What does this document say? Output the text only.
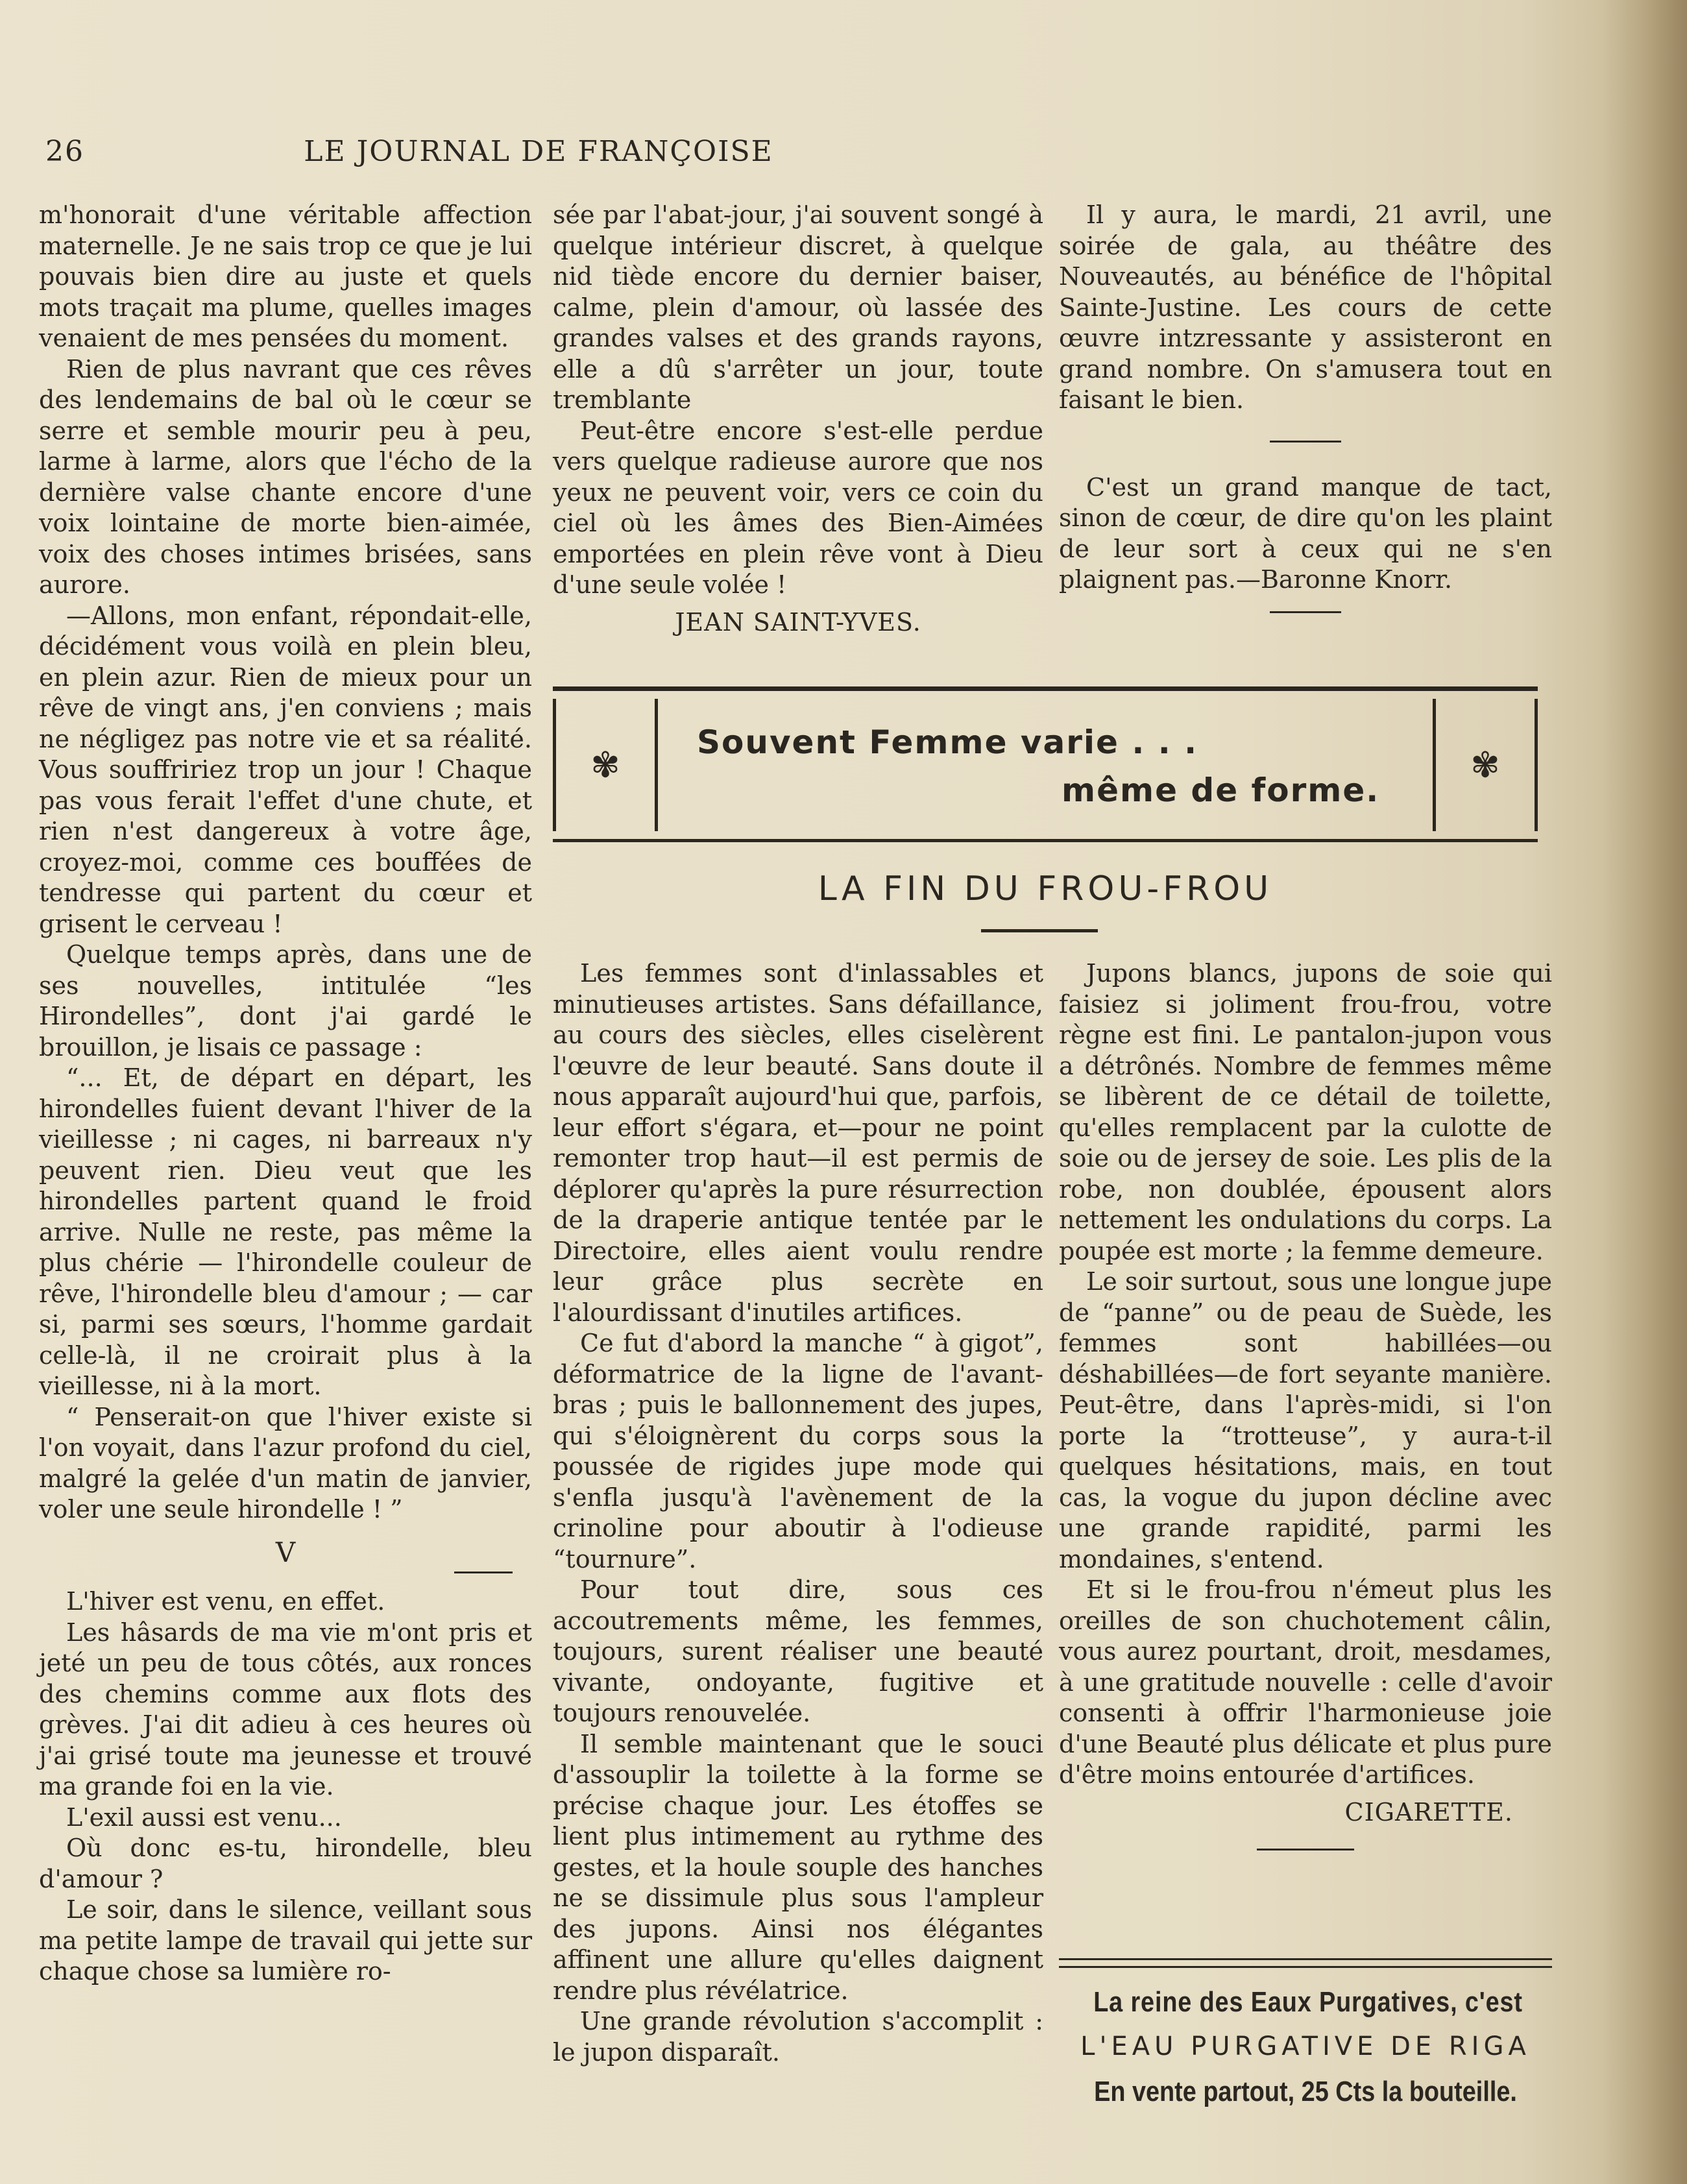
26	LE JOURNAL DE FRANÇOISE

m'honorait d'une véritable affection maternelle. Je ne sais trop ce que je lui pouvais bien dire au juste et quels mots traçait ma plume, quelles images venaient de mes pensées du moment.

Rien de plus navrant que ces rêves des lendemains de bal où le cœur se serre et semble mourir peu à peu, larme à larme, alors que l'écho de la dernière valse chante encore d'une voix lointaine de morte bien-aimée, voix des choses intimes brisées, sans aurore.

—Allons, mon enfant, répondait-elle, décidément vous voilà en plein bleu, en plein azur. Rien de mieux pour un rêve de vingt ans, j'en conviens ; mais ne négligez pas notre vie et sa réalité. Vous souffririez trop un jour ! Chaque pas vous ferait l'effet d'une chute, et rien n'est dangereux à votre âge, croyez-moi, comme ces bouffées de tendresse qui partent du cœur et grisent le cerveau !

Quelque temps après, dans une de ses nouvelles, intitulée “les Hirondelles”, dont j'ai gardé le brouillon, je lisais ce passage :

“... Et, de départ en départ, les hirondelles fuient devant l'hiver de la vieillesse ; ni cages, ni barreaux n'y peuvent rien. Dieu veut que les hirondelles partent quand le froid arrive. Nulle ne reste, pas même la plus chérie — l'hirondelle couleur de rêve, l'hirondelle bleu d'amour ; — car si, parmi ses sœurs, l'homme gardait celle-là, il ne croirait plus à la vieillesse, ni à la mort.

“ Penserait-on que l'hiver existe si l'on voyait, dans l'azur profond du ciel, malgré la gelée d'un matin de janvier, voler une seule hirondelle ! ”

V

L'hiver est venu, en effet.

Les hâsards de ma vie m'ont pris et jeté un peu de tous côtés, aux ronces des chemins comme aux flots des grèves. J'ai dit adieu à ces heures où j'ai grisé toute ma jeunesse et trouvé ma grande foi en la vie.

L'exil aussi est venu...

Où donc es-tu, hirondelle, bleu d'amour ?

Le soir, dans le silence, veillant sous ma petite lampe de travail qui jette sur chaque chose sa lumière ro-

sée par l'abat-jour, j'ai souvent songé à quelque intérieur discret, à quelque nid tiède encore du dernier baiser, calme, plein d'amour, où lassée des grandes valses et des grands rayons, elle a dû s'arrêter un jour, toute tremblante

Peut-être encore s'est-elle perdue vers quelque radieuse aurore que nos yeux ne peuvent voir, vers ce coin du ciel où les âmes des Bien-Aimées emportées en plein rêve vont à Dieu d'une seule volée !

JEAN SAINT-YVES.

Il y aura, le mardi, 21 avril, une soirée de gala, au théâtre des Nouveautés, au bénéfice de l'hôpital Sainte-Justine. Les cours de cette œuvre intzressante y assisteront en grand nombre. On s'amusera tout en faisant le bien.

C'est un grand manque de tact, sinon de cœur, de dire qu'on les plaint de leur sort à ceux qui ne s'en plaignent pas.—Baronne Knorr.

✾
Souvent Femme varie . . .
même de forme.
✾
LA FIN DU FROU-FROU

Les femmes sont d'inlassables et minutieuses artistes. Sans défaillance, au cours des siècles, elles ciselèrent l'œuvre de leur beauté. Sans doute il nous apparaît aujourd'hui que, parfois, leur effort s'égara, et—pour ne point remonter trop haut—il est permis de déplorer qu'après la pure résurrection de la draperie antique tentée par le Directoire, elles aient voulu rendre leur grâce plus secrète en l'alourdissant d'inutiles artifices.

Ce fut d'abord la manche “ à gigot”, déformatrice de la ligne de l'avant-bras ; puis le ballonnement des jupes, qui s'éloignèrent du corps sous la poussée de rigides jupe mode qui s'enfla jusqu'à l'avènement de la crinoline pour aboutir à l'odieuse “tournure”.

Pour tout dire, sous ces accoutrements même, les femmes, toujours, surent réaliser une beauté vivante, ondoyante, fugitive et toujours renouvelée.

Il semble maintenant que le souci d'assouplir la toilette à la forme se précise chaque jour. Les étoffes se lient plus intimement au rythme des gestes, et la houle souple des hanches ne se dissimule plus sous l'ampleur des jupons. Ainsi nos élégantes affinent une allure qu'elles daignent rendre plus révélatrice.

Une grande révolution s'accomplit : le jupon disparaît.

Jupons blancs, jupons de soie qui faisiez si joliment frou-frou, votre règne est fini. Le pantalon-jupon vous a détrônés. Nombre de femmes même se libèrent de ce détail de toilette, qu'elles remplacent par la culotte de soie ou de jersey de soie. Les plis de la robe, non doublée, épousent alors nettement les ondulations du corps. La poupée est morte ; la femme demeure.

Le soir surtout, sous une longue jupe de “panne” ou de peau de Suède, les femmes sont habillées—ou déshabillées—de fort seyante manière. Peut-être, dans l'après-midi, si l'on porte la “trotteuse”, y aura-t-il quelques hésitations, mais, en tout cas, la vogue du jupon décline avec une grande rapidité, parmi les mondaines, s'entend.

Et si le frou-frou n'émeut plus les oreilles de son chuchotement câlin, vous aurez pourtant, droit, mesdames, à une gratitude nouvelle : celle d'avoir consenti à offrir l'harmonieuse joie d'une Beauté plus délicate et plus pure d'être moins entourée d'artifices.

CIGARETTE.

La reine des Eaux Purgatives, c'est
L'EAU PURGATIVE DE RIGA
En vente partout, 25 Cts la bouteille.
